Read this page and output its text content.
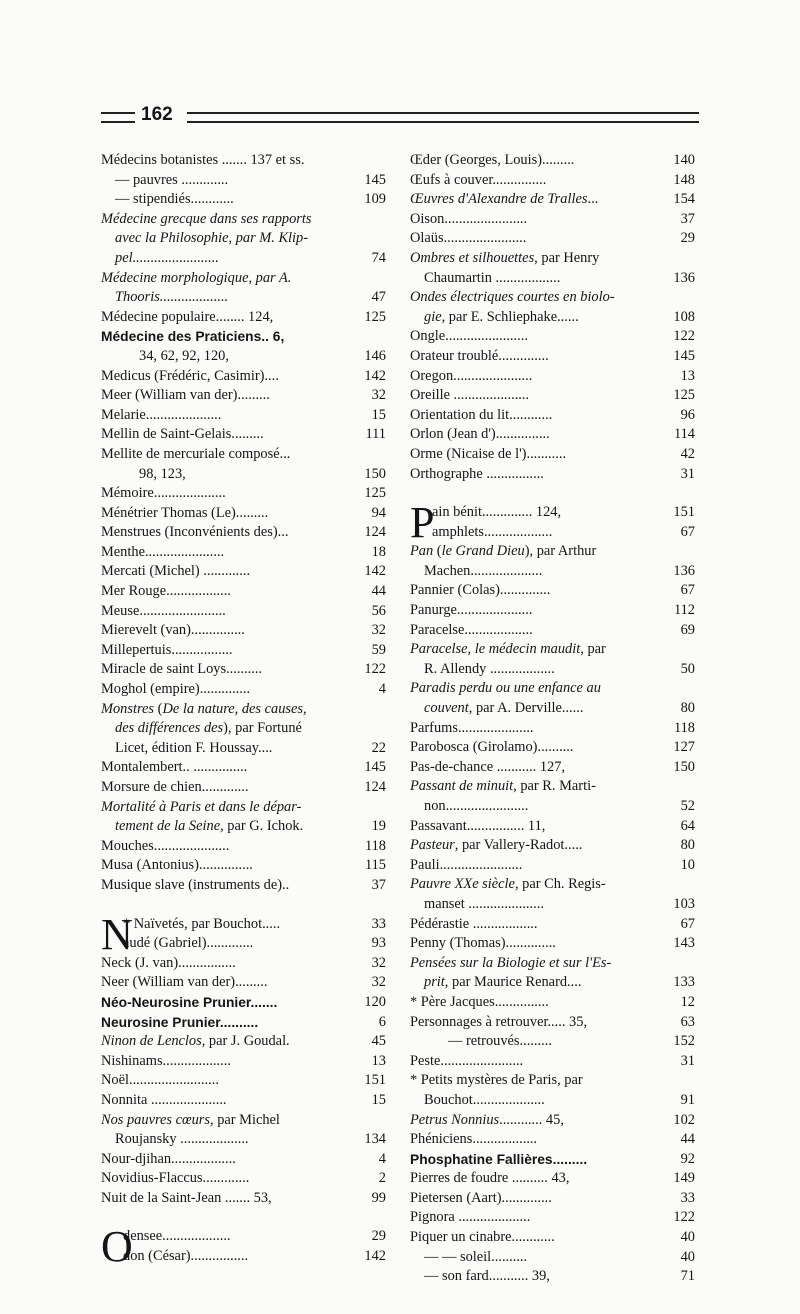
162
Médecins botanistes ....... 137 et ss.
— pauvres .............	145
— stipendiés............	109
Médecine grecque dans ses rapports
avec la Philosophie, par M. Klip-
pel........................	74
Médecine morphologique, par A.
Thooris...................	47
Médecine populaire........ 124,	125
Médecine des Praticiens.. 6,
34, 62, 92, 120,	146
Medicus (Frédéric, Casimir)....	142
Meer (William van der).........	32
Melarie.....................	15
Mellin de Saint-Gelais.........	111
Mellite de mercuriale composé...
98, 123,	150
Mémoire....................	125
Ménétrier Thomas (Le).........	94
Menstrues (Inconvénients des)...	124
Menthe......................	18
Mercati (Michel) .............	142
Mer Rouge..................	44
Meuse........................	56
Mierevelt (van)...............	32
Millepertuis.................	59
Miracle de saint Loys..........	122
Moghol (empire)..............	4
Monstres (De la nature, des causes,
des différences des), par Fortuné
Licet, édition F. Houssay....	22
Montalembert.. ...............	145
Morsure de chien.............	124
Mortalité à Paris et dans le dépar-
tement de la Seine, par G. Ichok.	19
Mouches.....................	118
Musa (Antonius)...............	115
Musique slave (instruments de)..	37
N
* Naïvetés, par Bouchot.....	33
audé (Gabriel).............	93
Neck (J. van)................	32
Neer (William van der).........	32
Néo-Neurosine Prunier.......	120
Neurosine Prunier..........	6
Ninon de Lenclos, par J. Goudal.	45
Nishinams...................	13
Noël.........................	151
Nonnita .....................	15
Nos pauvres cœurs, par Michel
Roujansky ...................	134
Nour-djihan..................	4
Novidius-Flaccus.............	2
Nuit de la Saint-Jean ....... 53,	99
O
densee...................	29
don (César)................	142
Œder (Georges, Louis).........	140
Œufs à couver...............	148
Œuvres d'Alexandre de Tralles...	154
Oison.......................	37
Olaüs.......................	29
Ombres et silhouettes, par Henry
Chaumartin ..................	136
Ondes électriques courtes en biolo-
gie, par E. Schliephake......	108
Ongle.......................	122
Orateur troublé..............	145
Oregon......................	13
Oreille .....................	125
Orientation du lit............	96
Orlon (Jean d')...............	114
Orme (Nicaise de l')...........	42
Orthographe ................	31
P
ain bénit.............. 124,	151
amphlets...................	67
Pan (le Grand Dieu), par Arthur
Machen....................	136
Pannier (Colas)..............	67
Panurge.....................	112
Paracelse...................	69
Paracelse, le médecin maudit, par
R. Allendy ..................	50
Paradis perdu ou une enfance au
couvent, par A. Derville......	80
Parfums.....................	118
Parobosca (Girolamo)..........	127
Pas-de-chance ........... 127,	150
Passant de minuit, par R. Marti-
non.......................	52
Passavant................ 11,	64
Pasteur, par Vallery-Radot.....	80
Pauli.......................	10
Pauvre XXe siècle, par Ch. Regis-
manset .....................	103
Pédérastie ..................	67
Penny (Thomas)..............	143
Pensées sur la Biologie et sur l'Es-
prit, par Maurice Renard....	133
* Père Jacques...............	12
Personnages à retrouver..... 35,	63
— retrouvés.........	152
Peste.......................	31
* Petits mystères de Paris, par
Bouchot....................	91
Petrus Nonnius............ 45,	102
Phéniciens..................	44
Phosphatine Fallières.........	92
Pierres de foudre .......... 43,	149
Pietersen (Aart)..............	33
Pignora ....................	122
Piquer un cinabre............	40
— — soleil..........	40
— son fard........... 39,	71
